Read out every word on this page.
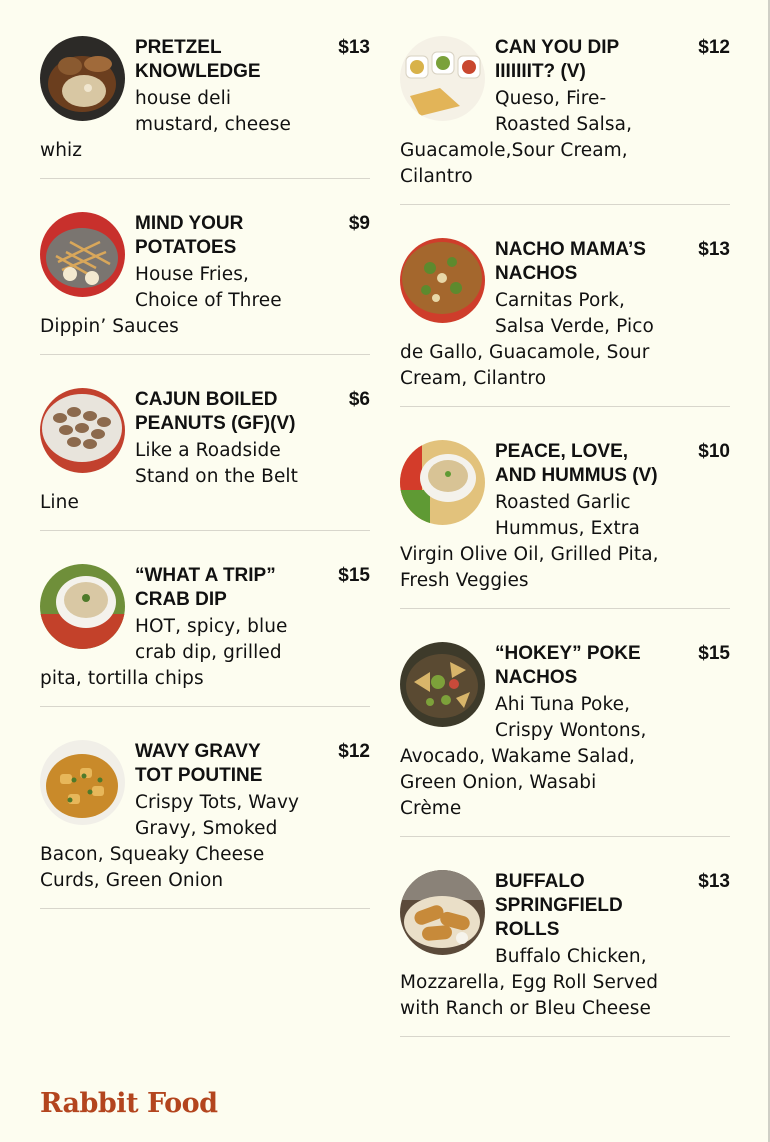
$13

PRETZEL KNOWLEDGE

house deli mustard, cheese whiz

$9

MIND YOUR POTATOES

House Fries, Choice of Three Dippin’ Sauces

$6

CAJUN BOILED PEANUTS (GF)(V)

Like a Roadside Stand on the Belt Line

$15

“WHAT A TRIP” CRAB DIP

HOT, spicy, blue crab dip, grilled pita, tortilla chips

$12

WAVY GRAVY TOT POUTINE

Crispy Tots, Wavy Gravy, Smoked Bacon, Squeaky Cheese Curds, Green Onion

$12

CAN YOU DIP IIIIIIIT? (V)

Queso, Fire-Roasted Salsa, Guacamole,Sour Cream, Cilantro

$13

NACHO MAMA’S NACHOS

Carnitas Pork, Salsa Verde, Pico de Gallo, Guacamole, Sour Cream, Cilantro

$10

PEACE, LOVE, AND HUMMUS (V)

Roasted Garlic Hummus, Extra Virgin Olive Oil, Grilled Pita, Fresh Veggies

$15

“HOKEY” POKE NACHOS

Ahi Tuna Poke, Crispy Wontons, Avocado, Wakame Salad, Green Onion, Wasabi Crème

$13

BUFFALO SPRINGFIELD ROLLS

Buffalo Chicken, Mozzarella, Egg Roll Served with Ranch or Bleu Cheese

Rabbit Food
